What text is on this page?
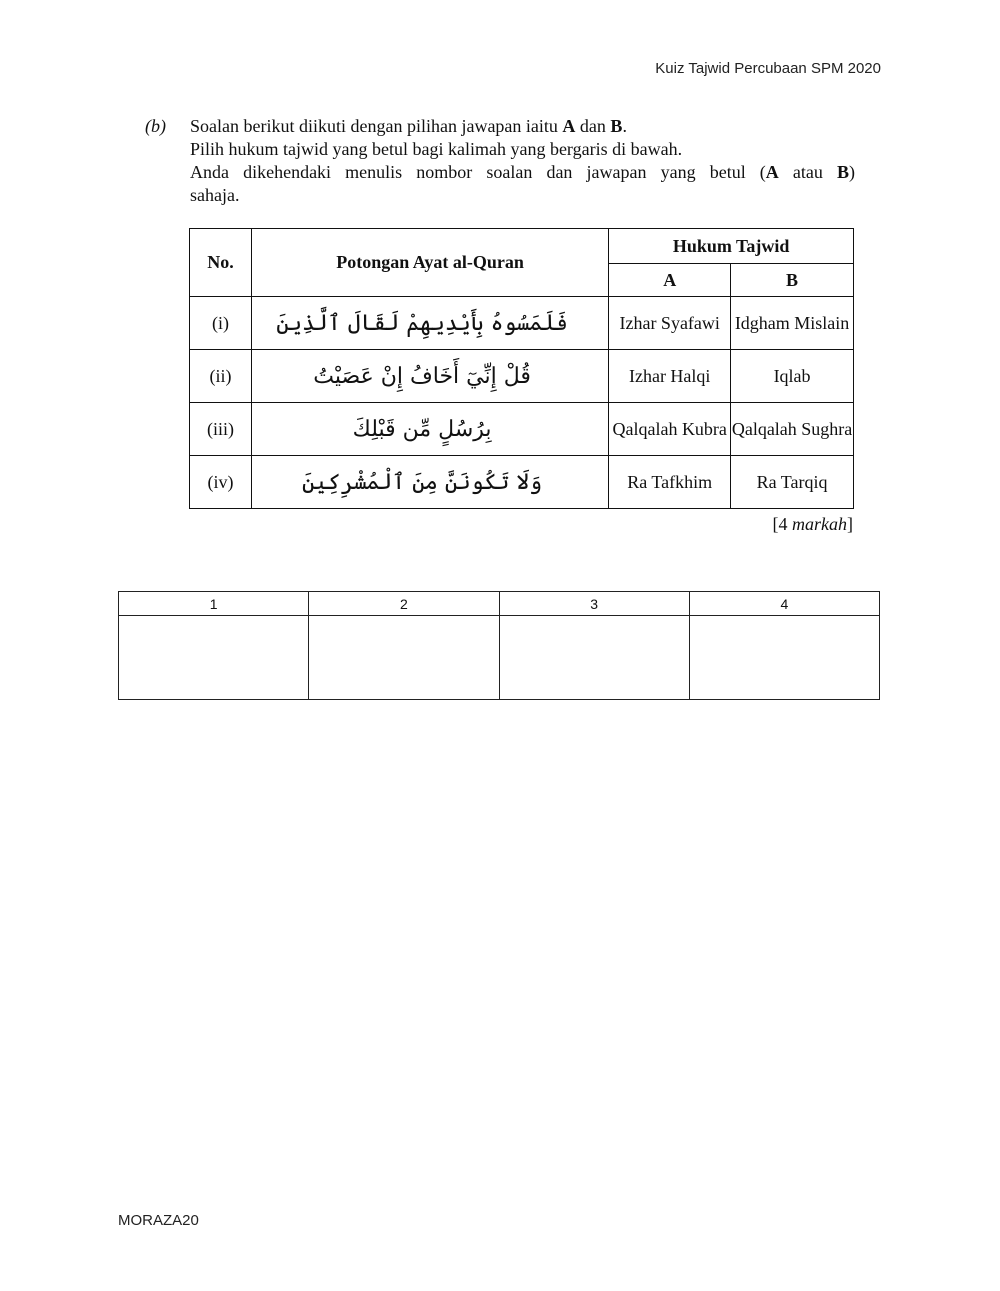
Kuiz Tajwid Percubaan SPM 2020
(b) Soalan berikut diikuti dengan pilihan jawapan iaitu A dan B.

Pilih hukum tajwid yang betul bagi kalimah yang bergaris di bawah.

Anda dikehendaki menulis nombor soalan dan jawapan yang betul (A atau B)

sahaja.

No.	Potongan Ayat al-Quran	Hukum Tajwid	
		A	B
(i)	فَلَمَسُوهُ بِأَيْدِيهِمْ لَقَالَ ٱلَّذِينَ	Izhar Syafawi	Idgham Mislain
(ii)	قُلْ إِنِّيٓ أَخَافُ إِنْ عَصَيْتُ	Izhar Halqi	Iqlab
(iii)	بِرُسُلٍ مِّن قَبْلِكَ	Qalqalah Kubra	Qalqalah Sughra
(iv)	وَلَا تَكُونَنَّ مِنَ ٱلْمُشْرِكِينَ	Ra Tafkhim	Ra Tarqiq
[4 markah]
1	2	3	4

MORAZA20
